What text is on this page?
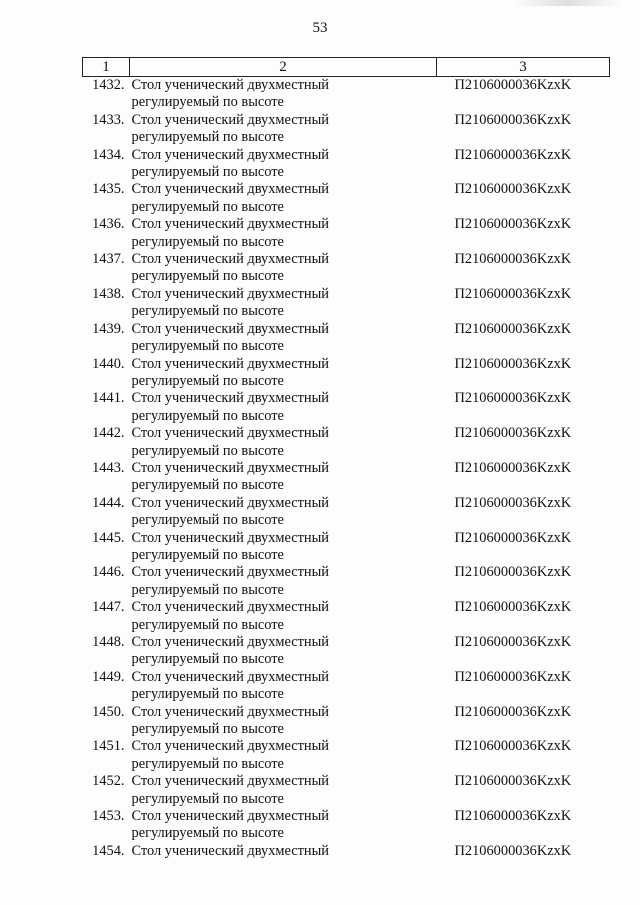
53
1	2	3
1432.	Стол ученический двухместный
регулируемый по высоте	П2106000036KzxK
1433.	Стол ученический двухместный
регулируемый по высоте	П2106000036KzxK
1434.	Стол ученический двухместный
регулируемый по высоте	П2106000036KzxK
1435.	Стол ученический двухместный
регулируемый по высоте	П2106000036KzxK
1436.	Стол ученический двухместный
регулируемый по высоте	П2106000036KzxK
1437.	Стол ученический двухместный
регулируемый по высоте	П2106000036KzxK
1438.	Стол ученический двухместный
регулируемый по высоте	П2106000036KzxK
1439.	Стол ученический двухместный
регулируемый по высоте	П2106000036KzxK
1440.	Стол ученический двухместный
регулируемый по высоте	П2106000036KzxK
1441.	Стол ученический двухместный
регулируемый по высоте	П2106000036KzxK
1442.	Стол ученический двухместный
регулируемый по высоте	П2106000036KzxK
1443.	Стол ученический двухместный
регулируемый по высоте	П2106000036KzxK
1444.	Стол ученический двухместный
регулируемый по высоте	П2106000036KzxK
1445.	Стол ученический двухместный
регулируемый по высоте	П2106000036KzxK
1446.	Стол ученический двухместный
регулируемый по высоте	П2106000036KzxK
1447.	Стол ученический двухместный
регулируемый по высоте	П2106000036KzxK
1448.	Стол ученический двухместный
регулируемый по высоте	П2106000036KzxK
1449.	Стол ученический двухместный
регулируемый по высоте	П2106000036KzxK
1450.	Стол ученический двухместный
регулируемый по высоте	П2106000036KzxK
1451.	Стол ученический двухместный
регулируемый по высоте	П2106000036KzxK
1452.	Стол ученический двухместный
регулируемый по высоте	П2106000036KzxK
1453.	Стол ученический двухместный
регулируемый по высоте	П2106000036KzxK
1454.	Стол ученический двухместный	П2106000036KzxK
